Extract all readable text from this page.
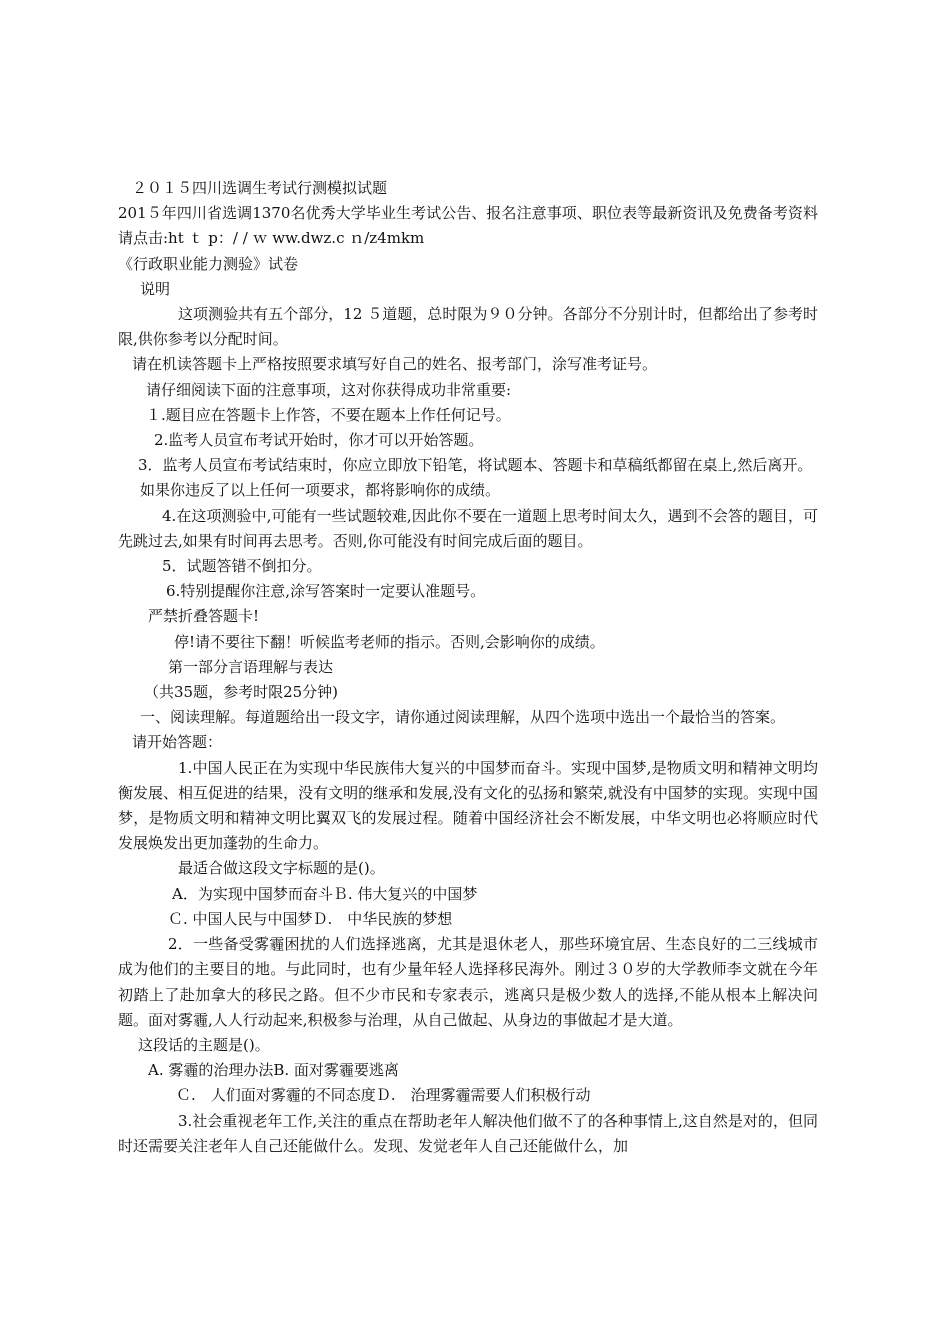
２０１５四川选调生考试行测模拟试题
201５年四川省选调1370名优秀大学毕业生考试公告、报名注意事项、职位表等最新资讯及免费备考资料请点击:ht ｔ p：/ / ｗ ww.dwz.c ｎ/z4mkm
《行政职业能力测验》试卷
说明
这项测验共有五个部分，12 ５道题，总时限为９０分钟。各部分不分别计时，但都给出了参考时限,供你参考以分配时间。
请在机读答题卡上严格按照要求填写好自己的姓名、报考部门，涂写准考证号。
请仔细阅读下面的注意事项，这对你获得成功非常重要:
１.题目应在答题卡上作答，不要在题本上作任何记号。
2.监考人员宣布考试开始时，你才可以开始答题。
3．监考人员宣布考试结束时，你应立即放下铅笔，将试题本、答题卡和草稿纸都留在桌上,然后离开。
如果你违反了以上任何一项要求，都将影响你的成绩。
4.在这项测验中,可能有一些试题较难,因此你不要在一道题上思考时间太久，遇到不会答的题目，可先跳过去,如果有时间再去思考。否则,你可能没有时间完成后面的题目。
5．试题答错不倒扣分。
6.特别提醒你注意,涂写答案时一定要认准题号。
严禁折叠答题卡!
停!请不要往下翻！听候监考老师的指示。否则,会影响你的成绩。
第一部分言语理解与表达
（共35题，参考时限25分钟)
一、阅读理解。每道题给出一段文字，请你通过阅读理解，从四个选项中选出一个最恰当的答案。
请开始答题：
1.中国人民正在为实现中华民族伟大复兴的中国梦而奋斗。实现中国梦,是物质文明和精神文明均衡发展、相互促进的结果，没有文明的继承和发展,没有文化的弘扬和繁荣,就没有中国梦的实现。实现中国梦，是物质文明和精神文明比翼双飞的发展过程。随着中国经济社会不断发展，中华文明也必将顺应时代发展焕发出更加蓬勃的生命力。
最适合做这段文字标题的是()。
A．为实现中国梦而奋斗Ｂ. 伟大复兴的中国梦
Ｃ. 中国人民与中国梦Ｄ.　中华民族的梦想
2．一些备受雾霾困扰的人们选择逃离，尤其是退休老人，那些环境宜居、生态良好的二三线城市成为他们的主要目的地。与此同时，也有少量年轻人选择移民海外。刚过３０岁的大学教师李文就在今年初踏上了赴加拿大的移民之路。但不少市民和专家表示，逃离只是极少数人的选择,不能从根本上解决问题。面对雾霾,人人行动起来,积极参与治理，从自己做起、从身边的事做起才是大道。
这段话的主题是()。
A. 雾霾的治理办法B. 面对雾霾要逃离
Ｃ.　人们面对雾霾的不同态度Ｄ.　治理雾霾需要人们积极行动
3.社会重视老年工作,关注的重点在帮助老年人解决他们做不了的各种事情上,这自然是对的，但同时还需要关注老年人自己还能做什么。发现、发觉老年人自己还能做什么，加
